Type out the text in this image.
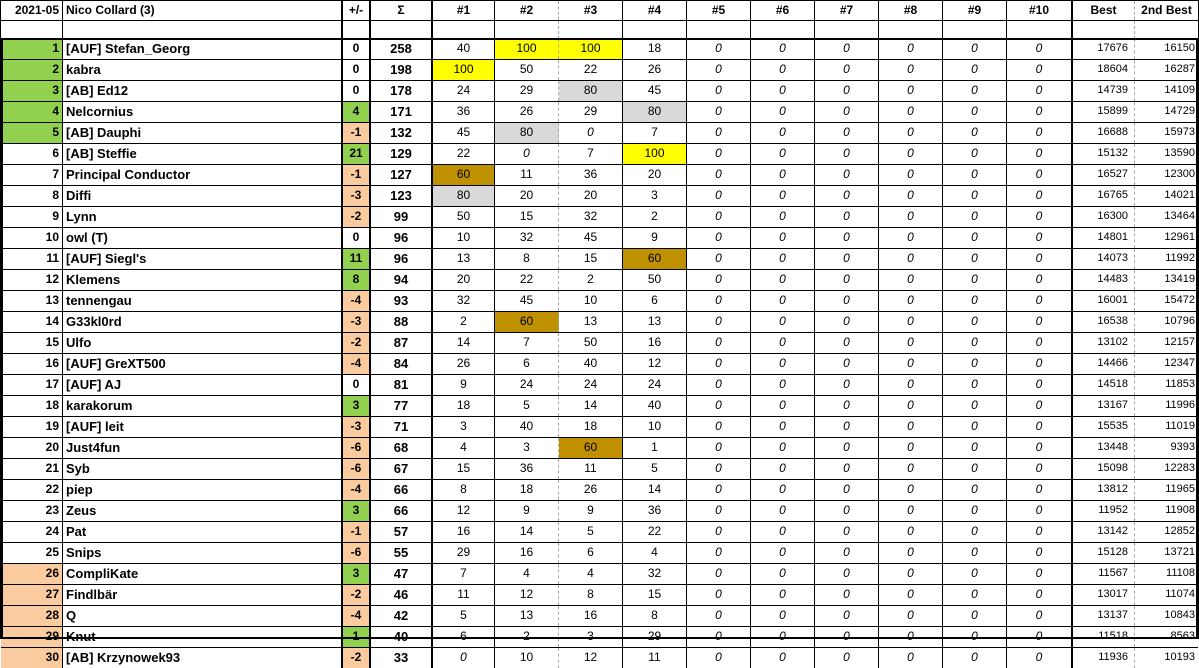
2021-05 Nico Collard (3)	+/-	Σ	#1	#2	#3	#4	#5	#6	#7	#8	#9	#10	Best	2nd Best
1 [AUF] Stefan_Georg	0	258	40	100	100	18	0	0	0	0	0	0	17676	16150
2 kabra	0	198	100	50	22	26	0	0	0	0	0	0	18604	16287
3 [AB] Ed12	0	178	24	29	80	45	0	0	0	0	0	0	14739	14109
4 Nelcornius	4	171	36	26	29	80	0	0	0	0	0	0	15899	14729
5 [AB] Dauphi	-1	132	45	80	0	7	0	0	0	0	0	0	16688	15973
6 [AB] Steffie	21	129	22	0	7	100	0	0	0	0	0	0	15132	13590
7 Principal Conductor	-1	127	60	11	36	20	0	0	0	0	0	0	16527	12300
8 Diffi	-3	123	80	20	20	3	0	0	0	0	0	0	16765	14021
9 Lynn	-2	99	50	15	32	2	0	0	0	0	0	0	16300	13464
10 owl (T)	0	96	10	32	45	9	0	0	0	0	0	0	14801	12961
11 [AUF] Siegl's	11	96	13	8	15	60	0	0	0	0	0	0	14073	11992
12 Klemens	8	94	20	22	2	50	0	0	0	0	0	0	14483	13419
13 tennengau	-4	93	32	45	10	6	0	0	0	0	0	0	16001	15472
14 G33kl0rd	-3	88	2	60	13	13	0	0	0	0	0	0	16538	10796
15 Ulfo	-2	87	14	7	50	16	0	0	0	0	0	0	13102	12157
16 [AUF] GreXT500	-4	84	26	6	40	12	0	0	0	0	0	0	14466	12347
17 [AUF] AJ	0	81	9	24	24	24	0	0	0	0	0	0	14518	11853
18 karakorum	3	77	18	5	14	40	0	0	0	0	0	0	13167	11996
19 [AUF] leit	-3	71	3	40	18	10	0	0	0	0	0	0	15535	11019
20 Just4fun	-6	68	4	3	60	1	0	0	0	0	0	0	13448	9393
21 Syb	-6	67	15	36	11	5	0	0	0	0	0	0	15098	12283
22 piep	-4	66	8	18	26	14	0	0	0	0	0	0	13812	11965
23 Zeus	3	66	12	9	9	36	0	0	0	0	0	0	11952	11908
24 Pat	-1	57	16	14	5	22	0	0	0	0	0	0	13142	12852
25 Snips	-6	55	29	16	6	4	0	0	0	0	0	0	15128	13721
26 CompliKate	3	47	7	4	4	32	0	0	0	0	0	0	11567	11108
27 Findlbär	-2	46	11	12	8	15	0	0	0	0	0	0	13017	11074
28 Q	-4	42	5	13	16	8	0	0	0	0	0	0	13137	10843
29 Knut	1	40	6	2	3	29	0	0	0	0	0	0	11518	8563
30 [AB] Krzynowek93	-2	33	0	10	12	11	0	0	0	0	0	0	11936	10193
